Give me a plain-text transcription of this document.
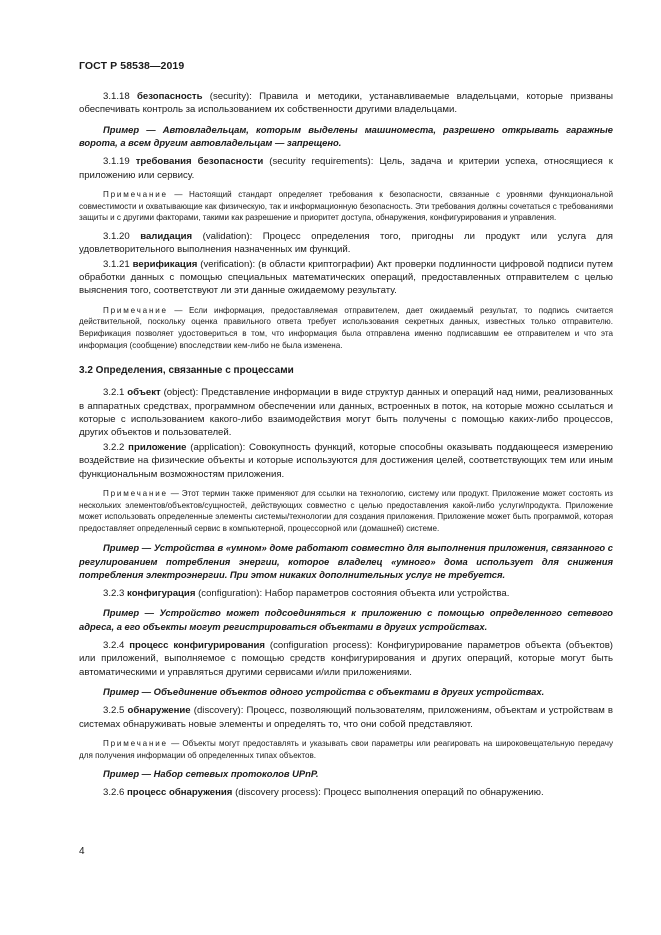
ГОСТ Р 58538—2019

3.1.18 безопасность (security): Правила и методики, устанавливаемые владельцами, которые призваны обеспечивать контроль за использованием их собственности другими владельцами.

Пример — Автовладельцам, которым выделены машиноместа, разрешено открывать гаражные ворота, а всем другим автовладельцам — запрещено.

3.1.19 требования безопасности (security requirements): Цель, задача и критерии успеха, относящиеся к приложению или сервису.

Примечание — Настоящий стандарт определяет требования к безопасности, связанные с уровнями функциональной совместимости и охватывающие как физическую, так и информационную безопасность. Эти требования должны сочетаться с требованиями защиты и с другими факторами, такими как разрешение и приоритет доступа, обнаружения, конфигурирования и управления.

3.1.20 валидация (validation): Процесс определения того, пригодны ли продукт или услуга для удовлетворительного выполнения назначенных им функций.

3.1.21 верификация (verification): (в области криптографии) Акт проверки подлинности цифровой подписи путем обработки данных с помощью специальных математических операций, предоставленных отправителем с целью выяснения того, соответствуют ли эти данные ожидаемому результату.

Примечание — Если информация, предоставляемая отправителем, дает ожидаемый результат, то подпись считается действительной, поскольку оценка правильного ответа требует использования секретных данных, известных только отправителю. Верификация позволяет удостовериться в том, что информация была отправлена именно подписавшим ее отправителем и что эта информация (сообщение) впоследствии кем-либо не была изменена.

3.2 Определения, связанные с процессами

3.2.1 объект (object): Представление информации в виде структур данных и операций над ними, реализованных в аппаратных средствах, программном обеспечении или данных, встроенных в поток, на которые можно ссылаться и которые с использованием какого-либо взаимодействия могут быть получены с помощью каких-либо процессов, других объектов и пользователей.

3.2.2 приложение (application): Совокупность функций, которые способны оказывать поддающееся измерению воздействие на физические объекты и которые используются для достижения целей, соответствующих тем или иным функциональным возможностям приложения.

Примечание — Этот термин также применяют для ссылки на технологию, систему или продукт. Приложение может состоять из нескольких элементов/объектов/сущностей, действующих совместно с целью предоставления какой-либо услуги/продукта. Приложение может использовать определенные элементы системы/технологии для создания приложения. Приложение может быть программой, которая предоставляет определенный сервис в компьютерной, процессорной или (домашней) системе.

Пример — Устройства в «умном» доме работают совместно для выполнения приложения, связанного с регулированием потребления энергии, которое владелец «умного» дома использует для снижения потребления электроэнергии. При этом никаких дополнительных услуг не требуется.

3.2.3 конфигурация (configuration): Набор параметров состояния объекта или устройства.

Пример — Устройство может подсоединяться к приложению с помощью определенного сетевого адреса, а его объекты могут регистрироваться объектами в других устройствах.

3.2.4 процесс конфигурирования (configuration process): Конфигурирование параметров объекта (объектов) или приложений, выполняемое с помощью средств конфигурирования и других операций, которые могут быть автоматическими и управляться другими сервисами и/или приложениями.

Пример — Объединение объектов одного устройства с объектами в других устройствах.

3.2.5 обнаружение (discovery): Процесс, позволяющий пользователям, приложениям, объектам и устройствам в системах обнаруживать новые элементы и определять то, что они собой представляют.

Примечание — Объекты могут предоставлять и указывать свои параметры или реагировать на широковещательную передачу для получения информации об определенных типах объектов.

Пример — Набор сетевых протоколов UPnP.

3.2.6 процесс обнаружения (discovery process): Процесс выполнения операций по обнаружению.

4
